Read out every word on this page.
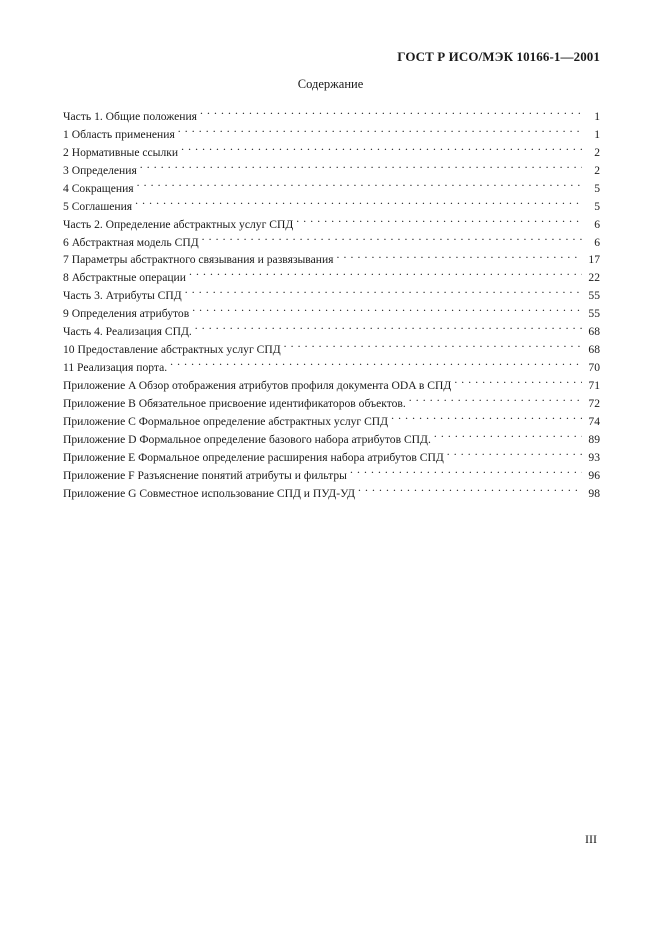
ГОСТ Р ИСО/МЭК 10166-1—2001
Содержание
Часть 1. Общие положения . . .	1
1 Область применения . . .	1
2 Нормативные ссылки . . .	2
3 Определения . . .	2
4 Сокращения . . .	5
5 Соглашения . . .	5
Часть 2. Определение абстрактных услуг СПД . . .	6
6 Абстрактная модель СПД . . .	6
7 Параметры абстрактного связывания и развязывания . . .	17
8 Абстрактные операции . . .	22
Часть 3. Атрибуты СПД . . .	55
9 Определения атрибутов . . .	55
Часть 4. Реализация СПД. . . .	68
10 Предоставление абстрактных услуг СПД . . .	68
11 Реализация порта. . . .	70
Приложение A Обзор отображения атрибутов профиля документа ODA в СПД . . .	71
Приложение B Обязательное присвоение идентификаторов объектов. . . .	72
Приложение C Формальное определение абстрактных услуг СПД . . .	74
Приложение D Формальное определение базового набора атрибутов СПД. . . .	89
Приложение E Формальное определение расширения набора атрибутов СПД . . .	93
Приложение F Разъяснение понятий атрибуты и фильтры . . .	96
Приложение G Совместное использование СПД и ПУД-УД . . .	98
III
